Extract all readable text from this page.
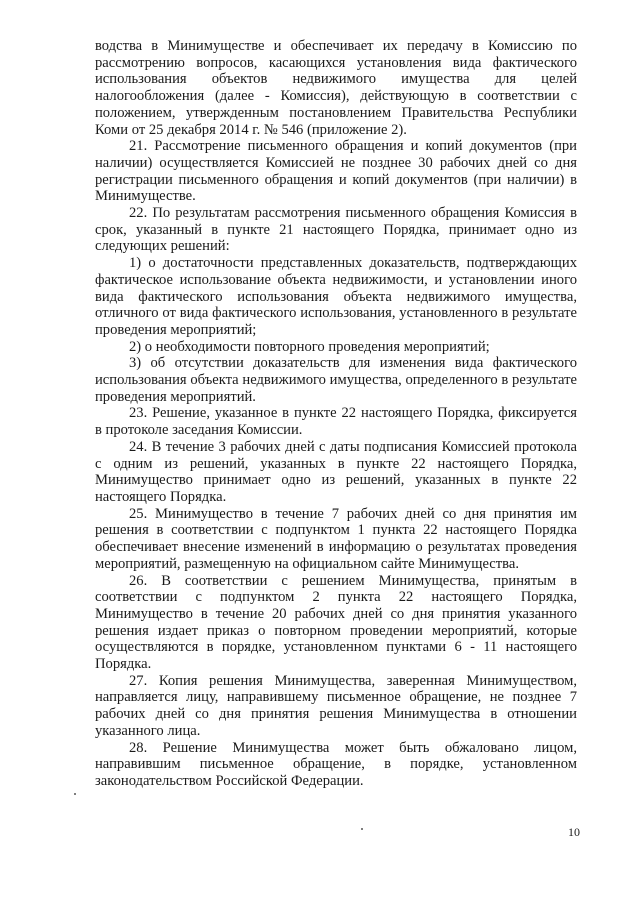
водства в Минимуществе и обеспечивает их передачу в Комиссию по рассмотрению вопросов, касающихся установления вида фактического использования объектов недвижимого имущества для целей налогообложения (далее - Комиссия), действующую в соответствии с положением, утвержденным постановлением Правительства Республики Коми от 25 декабря 2014 г. № 546 (приложение 2).

21. Рассмотрение письменного обращения и копий документов (при наличии) осуществляется Комиссией не позднее 30 рабочих дней со дня регистрации письменного обращения и копий документов (при наличии) в Минимуществе.

22. По результатам рассмотрения письменного обращения Комиссия в срок, указанный в пункте 21 настоящего Порядка, принимает одно из следующих решений:

1) о достаточности представленных доказательств, подтверждающих фактическое использование объекта недвижимости, и установлении иного вида фактического использования объекта недвижимого имущества, отличного от вида фактического использования, установленного в результате проведения мероприятий;

2) о необходимости повторного проведения мероприятий;

3) об отсутствии доказательств для изменения вида фактического использования объекта недвижимого имущества, определенного в результате проведения мероприятий.

23. Решение, указанное в пункте 22 настоящего Порядка, фиксируется в протоколе заседания Комиссии.

24. В течение 3 рабочих дней с даты подписания Комиссией протокола с одним из решений, указанных в пункте 22 настоящего Порядка, Минимущество принимает одно из решений, указанных в пункте 22 настоящего Порядка.

25. Минимущество в течение 7 рабочих дней со дня принятия им решения в соответствии с подпунктом 1 пункта 22 настоящего Порядка обеспечивает внесение изменений в информацию о результатах проведения мероприятий, размещенную на официальном сайте Минимущества.

26. В соответствии с решением Минимущества, принятым в соответствии с подпунктом 2 пункта 22 настоящего Порядка, Минимущество в течение 20 рабочих дней со дня принятия указанного решения издает приказ о повторном проведении мероприятий, которые осуществляются в порядке, установленном пунктами 6 - 11 настоящего Порядка.

27. Копия решения Минимущества, заверенная Минимуществом, направляется лицу, направившему письменное обращение, не позднее 7 рабочих дней со дня принятия решения Минимущества в отношении указанного лица.

28. Решение Минимущества может быть обжаловано лицом, направившим письменное обращение, в порядке, установленном законодательством Российской Федерации.

10
